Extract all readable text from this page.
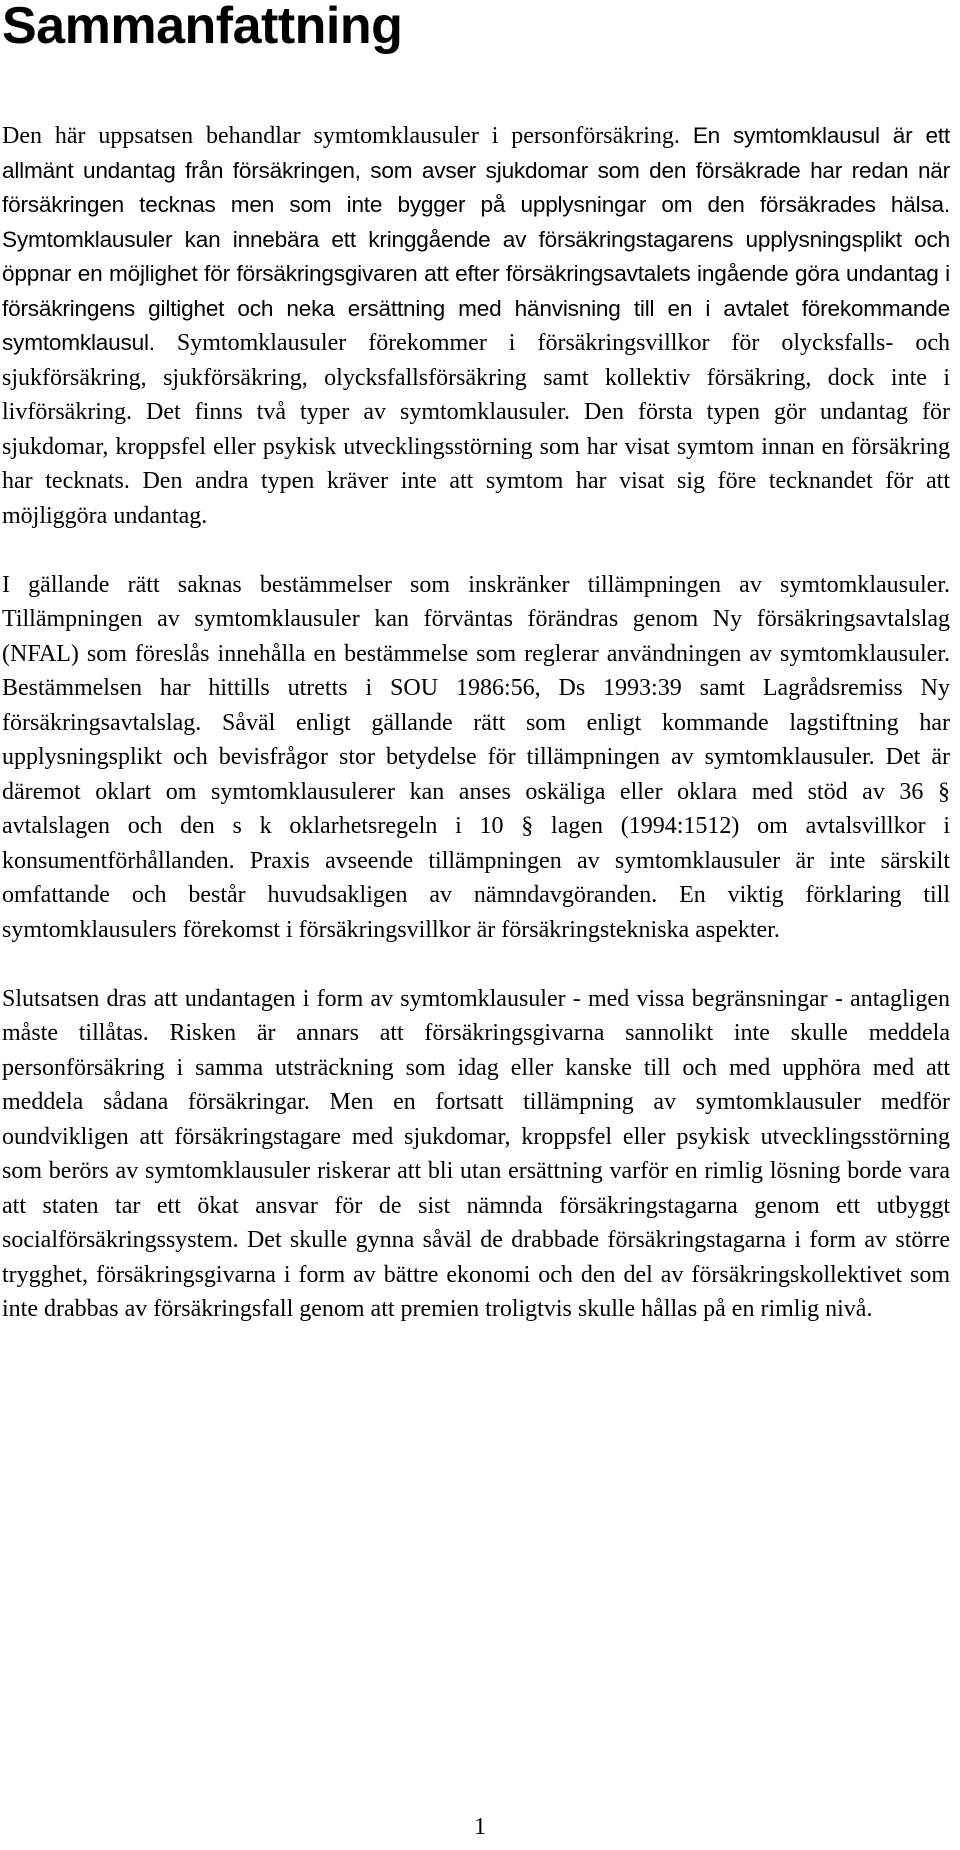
Sammanfattning

Den här uppsatsen behandlar symtomklausuler i personförsäkring. En symtomklausul är ett allmänt undantag från försäkringen, som avser sjukdomar som den försäkrade har redan när försäkringen tecknas men som inte bygger på upplysningar om den försäkrades hälsa. Symtomklausuler kan innebära ett kringgående av försäkringstagarens upplysningsplikt och öppnar en möjlighet för försäkringsgivaren att efter försäkringsavtalets ingående göra undantag i försäkringens giltighet och neka ersättning med hänvisning till en i avtalet förekommande symtomklausul. Symtomklausuler förekommer i försäkringsvillkor för olycksfalls- och sjukförsäkring, sjukförsäkring, olycksfallsförsäkring samt kollektiv försäkring, dock inte i livförsäkring. Det finns två typer av symtomklausuler. Den första typen gör undantag för sjukdomar, kroppsfel eller psykisk utvecklingsstörning som har visat symtom innan en försäkring har tecknats. Den andra typen kräver inte att symtom har visat sig före tecknandet för att möjliggöra undantag.

I gällande rätt saknas bestämmelser som inskränker tillämpningen av symtomklausuler. Tillämpningen av symtomklausuler kan förväntas förändras genom Ny försäkringsavtalslag (NFAL) som föreslås innehålla en bestämmelse som reglerar användningen av symtomklausuler. Bestämmelsen har hittills utretts i SOU 1986:56, Ds 1993:39 samt Lagrådsremiss Ny försäkringsavtalslag. Såväl enligt gällande rätt som enligt kommande lagstiftning har upplysningsplikt och bevisfrågor stor betydelse för tillämpningen av symtomklausuler. Det är däremot oklart om symtomklausulerer kan anses oskäliga eller oklara med stöd av 36 § avtalslagen och den s k oklarhetsregeln i 10 § lagen (1994:1512) om avtalsvillkor i konsumentförhållanden. Praxis avseende tillämpningen av symtomklausuler är inte särskilt omfattande och består huvudsakligen av nämndavgöranden. En viktig förklaring till symtomklausulers förekomst i försäkringsvillkor är försäkringstekniska aspekter.

Slutsatsen dras att undantagen i form av symtomklausuler - med vissa begränsningar - antagligen måste tillåtas. Risken är annars att försäkringsgivarna sannolikt inte skulle meddela personförsäkring i samma utsträckning som idag eller kanske till och med upphöra med att meddela sådana försäkringar. Men en fortsatt tillämpning av symtomklausuler medför oundvikligen att försäkringstagare med sjukdomar, kroppsfel eller psykisk utvecklingsstörning som berörs av symtomklausuler riskerar att bli utan ersättning varför en rimlig lösning borde vara att staten tar ett ökat ansvar för de sist nämnda försäkringstagarna genom ett utbyggt socialförsäkringssystem. Det skulle gynna såväl de drabbade försäkringstagarna i form av större trygghet, försäkringsgivarna i form av bättre ekonomi och den del av försäkringskollektivet som inte drabbas av försäkringsfall genom att premien troligtvis skulle hållas på en rimlig nivå.

1
